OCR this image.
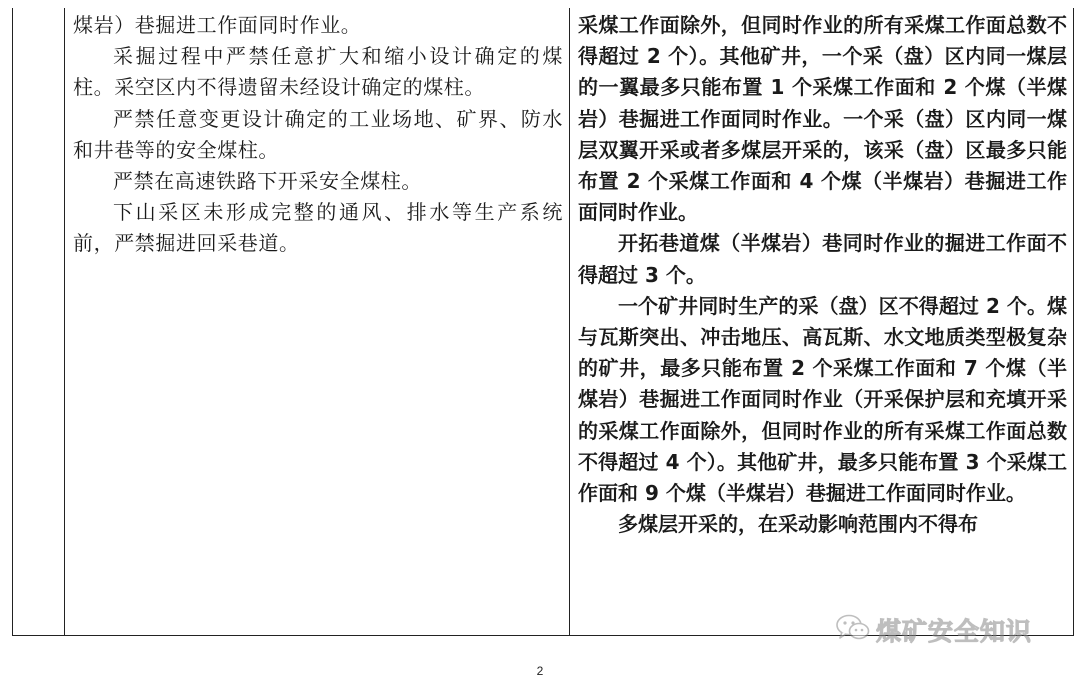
煤岩）巷掘进工作面同时作业。

采掘过程中严禁任意扩大和缩小设计确定的煤柱。采空区内不得遗留未经设计确定的煤柱。

严禁任意变更设计确定的工业场地、矿界、防水和井巷等的安全煤柱。

严禁在高速铁路下开采安全煤柱。

下山采区未形成完整的通风、排水等生产系统前，严禁掘进回采巷道。

采煤工作面除外，但同时作业的所有采煤工作面总数不得超过 2 个）。其他矿井，一个采（盘）区内同一煤层的一翼最多只能布置 1 个采煤工作面和 2 个煤（半煤岩）巷掘进工作面同时作业。一个采（盘）区内同一煤层双翼开采或者多煤层开采的，该采（盘）区最多只能布置 2 个采煤工作面和 4 个煤（半煤岩）巷掘进工作面同时作业。

开拓巷道煤（半煤岩）巷同时作业的掘进工作面不得超过 3 个。

一个矿井同时生产的采（盘）区不得超过 2 个。煤与瓦斯突出、冲击地压、高瓦斯、水文地质类型极复杂的矿井，最多只能布置 2 个采煤工作面和 7 个煤（半煤岩）巷掘进工作面同时作业（开采保护层和充填开采的采煤工作面除外，但同时作业的所有采煤工作面总数不得超过 4 个）。其他矿井，最多只能布置 3 个采煤工作面和 9 个煤（半煤岩）巷掘进工作面同时作业。

多煤层开采的，在采动影响范围内不得布

煤矿安全知识
2
